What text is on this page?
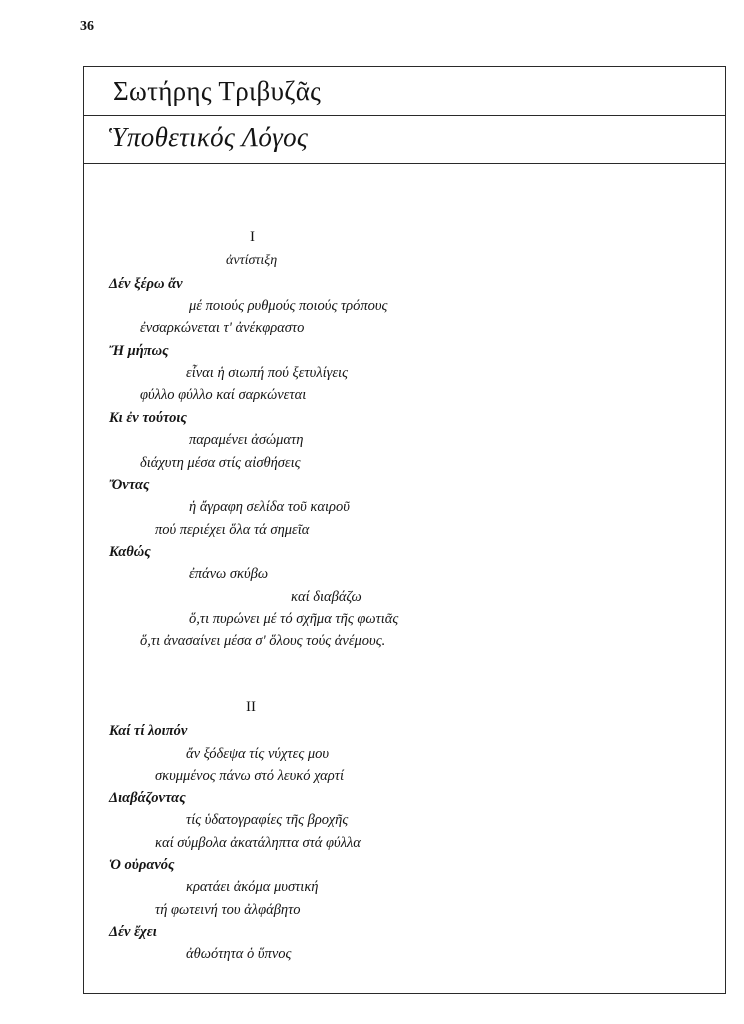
36
Σωτήρης Τριβυζᾶς
Ὑποθετικός Λόγος
I
ἀντίστιξη
Δέν ξέρω ἄν
μέ ποιούς ρυθμούς ποιούς τρόπους
ἐνσαρκώνεται τ' ἀνέκφραστο
Ἤ μήπως
εἶναι ἡ σιωπή πού ξετυλίγεις
φύλλο φύλλο καί σαρκώνεται
Κι ἐν τούτοις
παραμένει ἀσώματη
διάχυτη μέσα στίς αἰσθήσεις
Ὄντας
ἡ ἄγραφη σελίδα τοῦ καιροῦ
πού περιέχει ὅλα τά σημεῖα
Καθώς
ἐπάνω σκύβω
καί διαβάζω
ὅ,τι πυρώνει μέ τό σχῆμα τῆς φωτιᾶς
ὅ,τι ἀνασαίνει μέσα σ' ὅλους τούς ἀνέμους.
II
Καί τί λοιπόν
ἄν ξόδεψα τίς νύχτες μου
σκυμμένος πάνω στό λευκό χαρτί
Διαβάζοντας
τίς ὑδατογραφίες τῆς βροχῆς
καί σύμβολα ἀκατάληπτα στά φύλλα
Ὁ οὐρανός
κρατάει ἀκόμα μυστική
τή φωτεινή του ἀλφάβητο
Δέν ἔχει
ἀθωότητα ὁ ὕπνος
